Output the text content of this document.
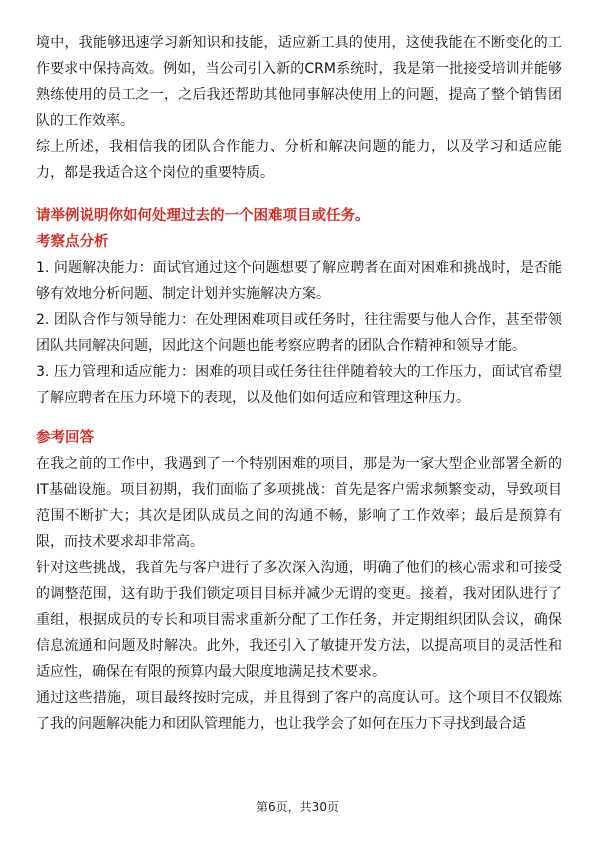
境中，我能够迅速学习新知识和技能，适应新工具的使用，这使我能在不断变化的工作要求中保持高效。例如，当公司引入新的CRM系统时，我是第一批接受培训并能够熟练使用的员工之一，之后我还帮助其他同事解决使用上的问题，提高了整个销售团队的工作效率。

综上所述，我相信我的团队合作能力、分析和解决问题的能力，以及学习和适应能力，都是我适合这个岗位的重要特质。

请举例说明你如何处理过去的一个困难项目或任务。

考察点分析

1. 问题解决能力：面试官通过这个问题想要了解应聘者在面对困难和挑战时，是否能够有效地分析问题、制定计划并实施解决方案。

2. 团队合作与领导能力：在处理困难项目或任务时，往往需要与他人合作，甚至带领团队共同解决问题，因此这个问题也能考察应聘者的团队合作精神和领导才能。

3. 压力管理和适应能力：困难的项目或任务往往伴随着较大的工作压力，面试官希望了解应聘者在压力环境下的表现，以及他们如何适应和管理这种压力。

参考回答

在我之前的工作中，我遇到了一个特别困难的项目，那是为一家大型企业部署全新的IT基础设施。项目初期，我们面临了多项挑战：首先是客户需求频繁变动，导致项目范围不断扩大；其次是团队成员之间的沟通不畅，影响了工作效率；最后是预算有限，而技术要求却非常高。

针对这些挑战，我首先与客户进行了多次深入沟通，明确了他们的核心需求和可接受的调整范围，这有助于我们锁定项目目标并减少无谓的变更。接着，我对团队进行了重组，根据成员的专长和项目需求重新分配了工作任务，并定期组织团队会议，确保信息流通和问题及时解决。此外，我还引入了敏捷开发方法，以提高项目的灵活性和适应性，确保在有限的预算内最大限度地满足技术要求。

通过这些措施，项目最终按时完成，并且得到了客户的高度认可。这个项目不仅锻炼了我的问题解决能力和团队管理能力，也让我学会了如何在压力下寻找到最合适

第6页，共30页
